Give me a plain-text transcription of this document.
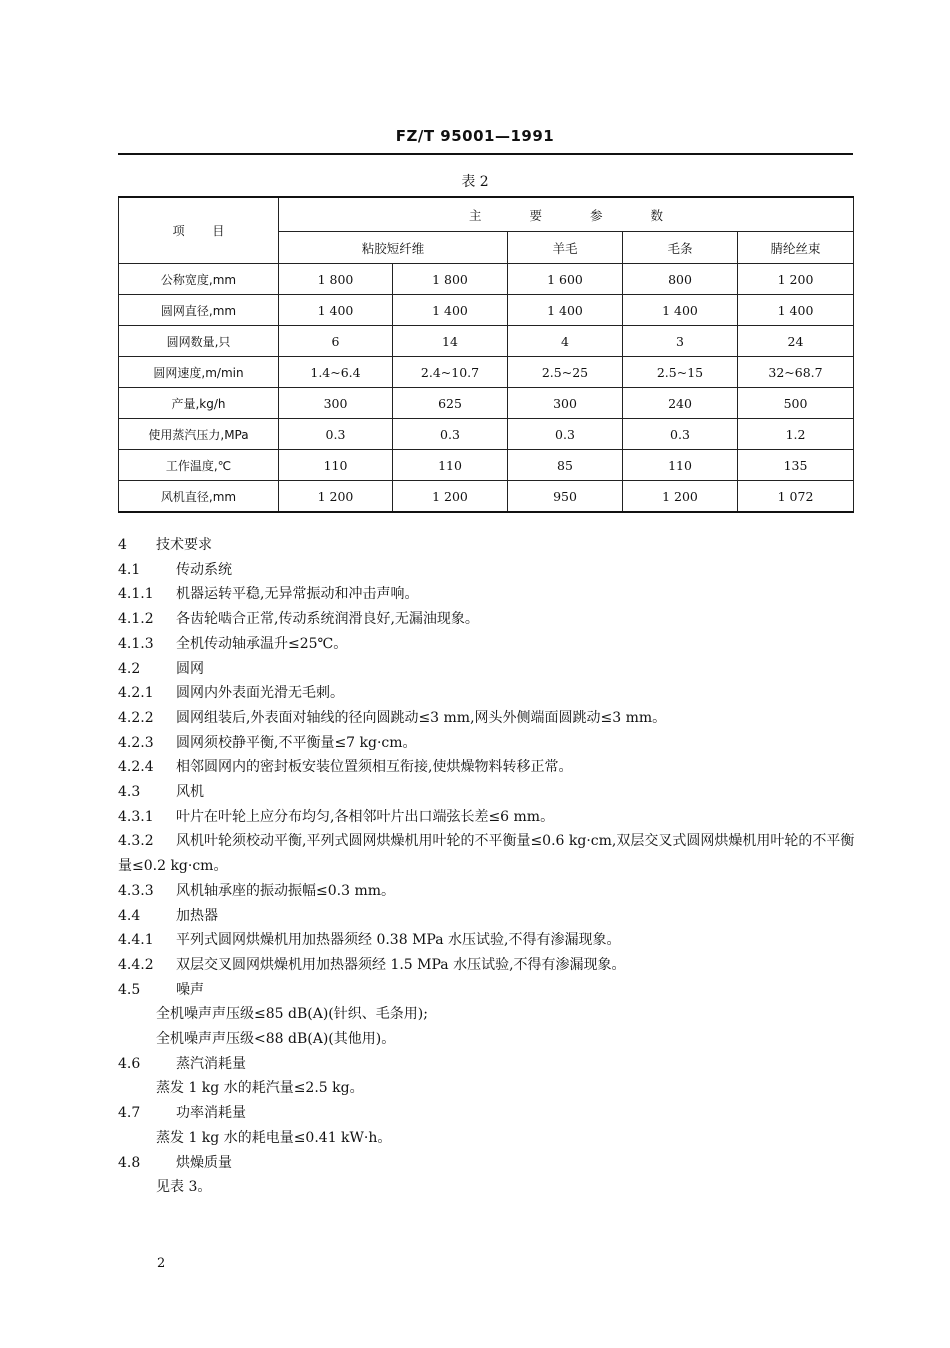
FZ/T 95001—1991
表 2
项 目	主 要 参 数				
	粘胶短纤维		羊毛	毛条	腈纶丝束
公称宽度,mm	1 800	1 800	1 600	800	1 200
圆网直径,mm	1 400	1 400	1 400	1 400	1 400
圆网数量,只	6	14	4	3	24
圆网速度,m/min	1.4~6.4	2.4~10.7	2.5~25	2.5~15	32~68.7
产量,kg/h	300	625	300	240	500
使用蒸汽压力,MPa	0.3	0.3	0.3	0.3	1.2
工作温度,℃	110	110	85	110	135
风机直径,mm	1 200	1 200	950	1 200	1 072
4 技术要求
4.1	传动系统
4.1.1 机器运转平稳,无异常振动和冲击声响。
4.1.2 各齿轮啮合正常,传动系统润滑良好,无漏油现象。
4.1.3 全机传动轴承温升≤25℃。
4.2	圆网
4.2.1 圆网内外表面光滑无毛刺。
4.2.2 圆网组装后,外表面对轴线的径向圆跳动≤3 mm,网头外侧端面圆跳动≤3 mm。
4.2.3 圆网须校静平衡,不平衡量≤7 kg·cm。
4.2.4 相邻圆网内的密封板安装位置须相互衔接,使烘燥物料转移正常。
4.3	风机
4.3.1 叶片在叶轮上应分布均匀,各相邻叶片出口端弦长差≤6 mm。
4.3.2 风机叶轮须校动平衡,平列式圆网烘燥机用叶轮的不平衡量≤0.6 kg·cm,双层交叉式圆网烘燥机用叶轮的不平衡量≤0.2 kg·cm。
4.3.3 风机轴承座的振动振幅≤0.3 mm。
4.4	加热器
4.4.1 平列式圆网烘燥机用加热器须经 0.38 MPa 水压试验,不得有渗漏现象。
4.4.2 双层交叉圆网烘燥机用加热器须经 1.5 MPa 水压试验,不得有渗漏现象。
4.5	噪声
全机噪声声压级≤85 dB(A)(针织、毛条用);
全机噪声声压级<88 dB(A)(其他用)。
4.6	蒸汽消耗量
蒸发 1 kg 水的耗汽量≤2.5 kg。
4.7	功率消耗量
蒸发 1 kg 水的耗电量≤0.41 kW·h。
4.8	烘燥质量
见表 3。
2
